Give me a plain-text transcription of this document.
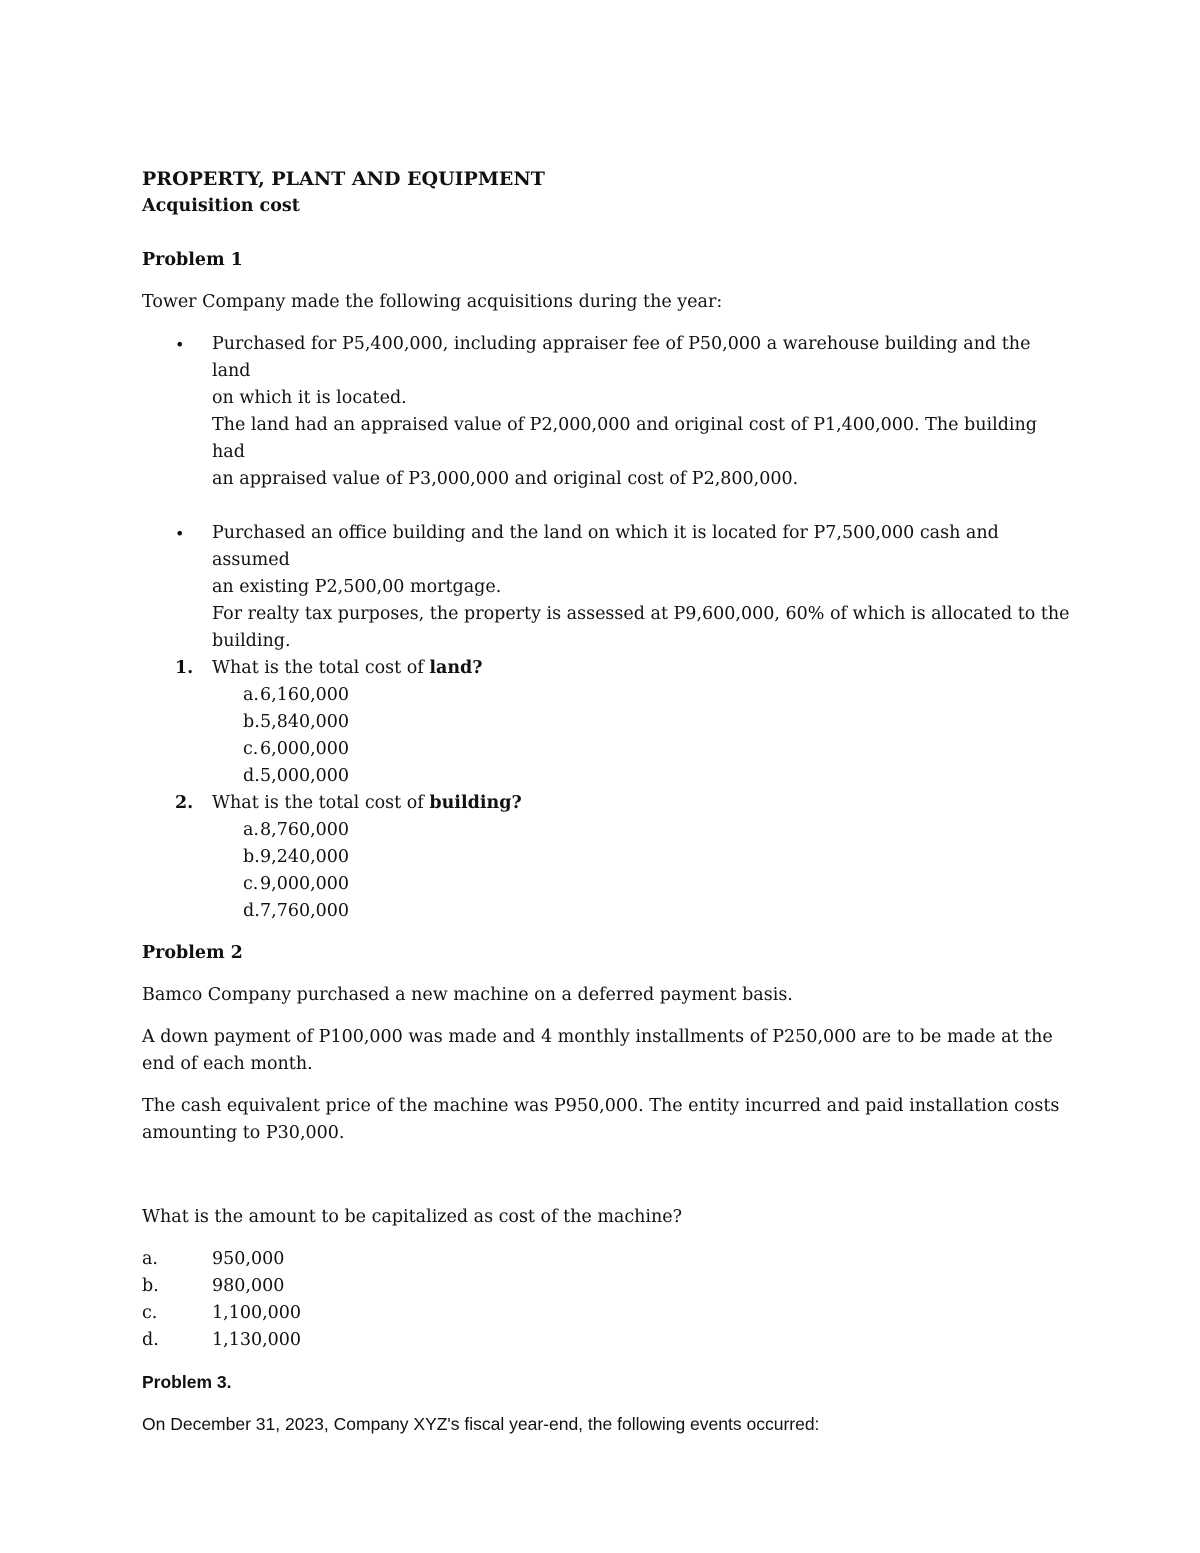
PROPERTY, PLANT AND EQUIPMENT
Acquisition cost

Problem 1

Tower Company made the following acquisitions during the year:

• Purchased for P5,400,000, including appraiser fee of P50,000 a warehouse building and the land
on which it is located.
The land had an appraised value of P2,000,000 and original cost of P1,400,000. The building had
an appraised value of P3,000,000 and original cost of P2,800,000.
• Purchased an office building and the land on which it is located for P7,500,000 cash and assumed
an existing P2,500,00 mortgage.
For realty tax purposes, the property is assessed at P9,600,000, 60% of which is allocated to the
building.
1. What is the total cost of land?
a. 6,160,000
b. 5,840,000
c. 6,000,000
d. 5,000,000
2. What is the total cost of building?
a. 8,760,000
b. 9,240,000
c. 9,000,000
d. 7,760,000

Problem 2

Bamco Company purchased a new machine on a deferred payment basis.

A down payment of P100,000 was made and 4 monthly installments of P250,000 are to be made at the
end of each month.

The cash equivalent price of the machine was P950,000. The entity incurred and paid installation costs
amounting to P30,000.

What is the amount to be capitalized as cost of the machine?

a.	950,000
b.	980,000
c.	1,100,000
d.	1,130,000

Problem 3.

On December 31, 2023, Company XYZ's fiscal year-end, the following events occurred:
